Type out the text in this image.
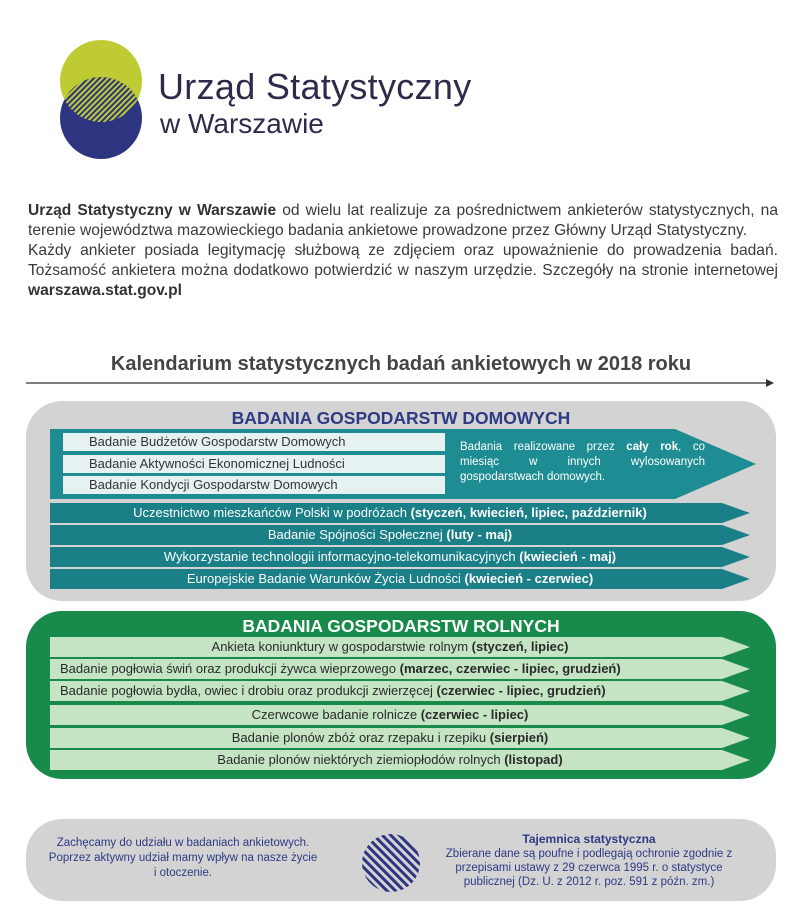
Urząd Statystyczny
w Warszawie
Urząd Statystyczny w Warszawie od wielu lat realizuje za pośrednictwem ankieterów statystycznych, na terenie województwa mazowieckiego badania ankietowe prowadzone przez Główny Urząd Statystyczny.
Każdy ankieter posiada legitymację służbową ze zdjęciem oraz upoważnienie do prowadzenia badań. Tożsamość ankietera można dodatkowo potwierdzić w naszym urzędzie. Szczegóły na stronie internetowej warszawa.stat.gov.pl
Kalendarium statystycznych badań ankietowych w 2018 roku
BADANIA GOSPODARSTW DOMOWYCH
Badanie Budżetów Gospodarstw Domowych
Badanie Aktywności Ekonomicznej Ludności
Badanie Kondycji Gospodarstw Domowych
Badania realizowane przez cały rok, co miesiąc w innych wylosowanych gospodarstwach domowych.
Uczestnictwo mieszkańców Polski w podróżach (styczeń, kwiecień, lipiec, październik)
Badanie Spójności Społecznej (luty - maj)
Wykorzystanie technologii informacyjno-telekomunikacyjnych (kwiecień - maj)
Europejskie Badanie Warunków Życia Ludności (kwiecień - czerwiec)
BADANIA GOSPODARSTW ROLNYCH
Ankieta koniunktury w gospodarstwie rolnym (styczeń, lipiec)
Badanie pogłowia świń oraz produkcji żywca wieprzowego (marzec, czerwiec - lipiec, grudzień)
Badanie pogłowia bydła, owiec i drobiu oraz produkcji zwierzęcej (czerwiec - lipiec, grudzień)
Czerwcowe badanie rolnicze (czerwiec - lipiec)
Badanie plonów zbóż oraz rzepaku i rzepiku (sierpień)
Badanie plonów niektórych ziemiopłodów rolnych (listopad)
Zachęcamy do udziału w badaniach ankietowych. Poprzez aktywny udział mamy wpływ na nasze życie i otoczenie.
Tajemnica statystyczna
Zbierane dane są poufne i podlegają ochronie zgodnie z przepisami ustawy z 29 czerwca 1995 r. o statystyce publicznej (Dz. U. z 2012 r. poz. 591 z późn. zm.)
